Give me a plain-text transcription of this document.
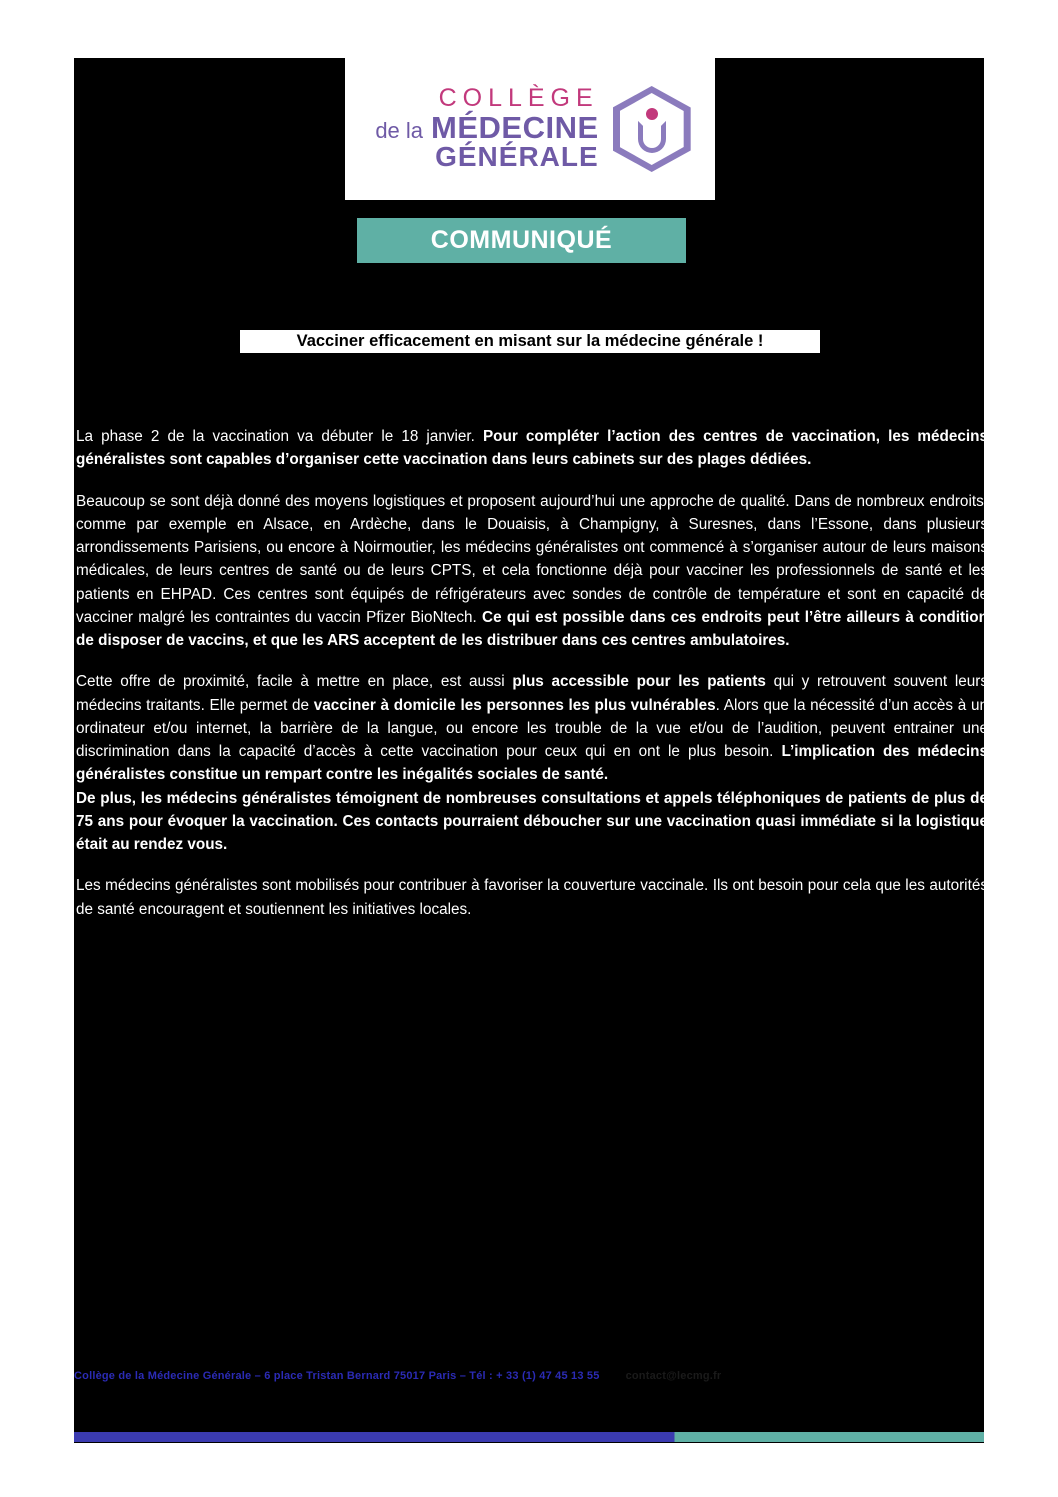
COLLÈGE
de la MÉDECINE
GÉNÉRALE
COMMUNIQUÉ
Vacciner efficacement en misant sur la médecine générale !

La phase 2 de la vaccination va débuter le 18 janvier. Pour compléter l’action des centres de vaccination, les médecins généralistes sont capables d’organiser cette vaccination dans leurs cabinets sur des plages dédiées.

Beaucoup se sont déjà donné des moyens logistiques et proposent aujourd’hui une approche de qualité. Dans de nombreux endroits, comme par exemple en Alsace, en Ardèche, dans le Douaisis, à Champigny, à Suresnes, dans l’Essone, dans plusieurs arrondissements Parisiens, ou encore à Noirmoutier, les médecins généralistes ont commencé à s’organiser autour de leurs maisons médicales, de leurs centres de santé ou de leurs CPTS, et cela fonctionne déjà pour vacciner les professionnels de santé et les patients en EHPAD. Ces centres sont équipés de réfrigérateurs avec sondes de contrôle de température et sont en capacité de vacciner malgré les contraintes du vaccin Pfizer BioNtech. Ce qui est possible dans ces endroits peut l’être ailleurs à condition de disposer de vaccins, et que les ARS acceptent de les distribuer dans ces centres ambulatoires.

Cette offre de proximité, facile à mettre en place, est aussi plus accessible pour les patients qui y retrouvent souvent leurs médecins traitants. Elle permet de vacciner à domicile les personnes les plus vulnérables. Alors que la nécessité d’un accès à un ordinateur et/ou internet, la barrière de la langue, ou encore les trouble de la vue et/ou de l’audition, peuvent entrainer une discrimination dans la capacité d’accès à cette vaccination pour ceux qui en ont le plus besoin. L’implication des médecins généralistes constitue un rempart contre les inégalités sociales de santé.

De plus, les médecins généralistes témoignent de nombreuses consultations et appels téléphoniques de patients de plus de 75 ans pour évoquer la vaccination. Ces contacts pourraient déboucher sur une vaccination quasi immédiate si la logistique était au rendez vous.

Les médecins généralistes sont mobilisés pour contribuer à favoriser la couverture vaccinale. Ils ont besoin pour cela que les autorités de santé encouragent et soutiennent les initiatives locales.

Collège de la Médecine Générale – 6 place Tristan Bernard 75017 Paris – Tél : + 33 (1) 47 45 13 55 contact@lecmg.fr
